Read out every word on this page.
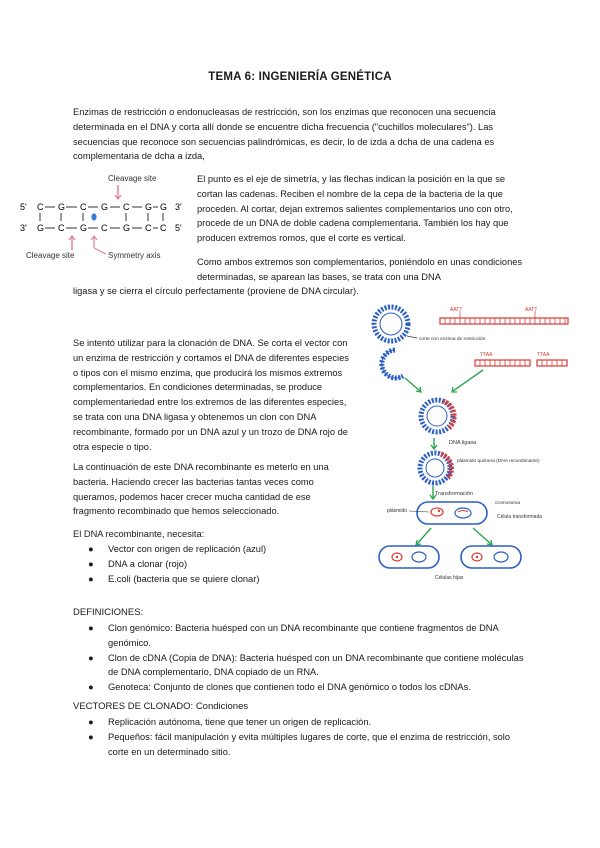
TEMA 6: INGENIERÍA GENÉTICA

Enzimas de restricción o endonucleasas de restricción, son los enzimas que reconocen una secuencia determinada en el DNA y corta allí donde se encuentre dicha frecuencia ("cuchillos moleculares"). Las secuencias que reconoce son secuencias palindrómicas, es decir, lo de izda a dcha de una cadena es complementaria de dcha a izda,

Cleavage site
5' C G C G C G G 3'
3' G C G C G C C 5'
Cleavage site	Symmetry axis

El punto es el eje de simetría, y las flechas indican la posición en la que se cortan las cadenas. Reciben el nombre de la cepa de la bacteria de la que proceden. Al cortar, dejan extremos salientes complementarios uno con otro, procede de un DNA de doble cadena complementaria. También los hay que producen extremos romos, que el corte es vertical.

Como ambos extremos son complementarios, poniéndolo en unas condiciones determinadas, se aparean las bases, se trata con una DNA

ligasa y se cierra el círculo perfectamente (proviene de DNA circular).

Se intentó utilizar para la clonación de DNA. Se corta el vector con un enzima de restricción y cortamos el DNA de diferentes especies o tipos con el mismo enzima, que producirá los mismos extremos complementarios. En condiciones determinadas, se produce complementariedad entre los extremos de las diferentes especies, se trata con una DNA ligasa y obtenemos un clon con DNA recombinante, formado por un DNA azul y un trozo de DNA rojo de otra especie o tipo.

La continuación de este DNA recombinante es meterlo en una bacteria. Haciendo crecer las bacterias tantas veces como queramos, podemos hacer crecer mucha cantidad de ese fragmento recombinado que hemos seleccionado.

El DNA recombinante, necesita:

● Vector con origen de replicación (azul)
● DNA a clonar (rojo)
● E.coli (bacteria que se quiere clonar)
AATT	AATT
corte con enzima de restricción
TTAA	TTAA
DNA ligasa
plásmido quimera (DNA recombinante)
Transformación
plásmido
cromosoma
Célula transformada
Células hijas

DEFINICIONES:

● Clon genómico: Bacteria huésped con un DNA recombinante que contiene fragmentos de DNA genómico.
● Clon de cDNA (Copia de DNA): Bacteria huésped con un DNA recombinante que contiene moléculas de DNA complementario, DNA copiado de un RNA.
● Genoteca: Conjunto de clones que contienen todo el DNA genómico o todos los cDNAs.

VECTORES DE CLONADO: Condiciones

● Replicación autónoma, tiene que tener un origen de replicación.
● Pequeños: fácil manipulación y evita múltiples lugares de corte, que el enzima de restricción, solo corte en un determinado sitio.
